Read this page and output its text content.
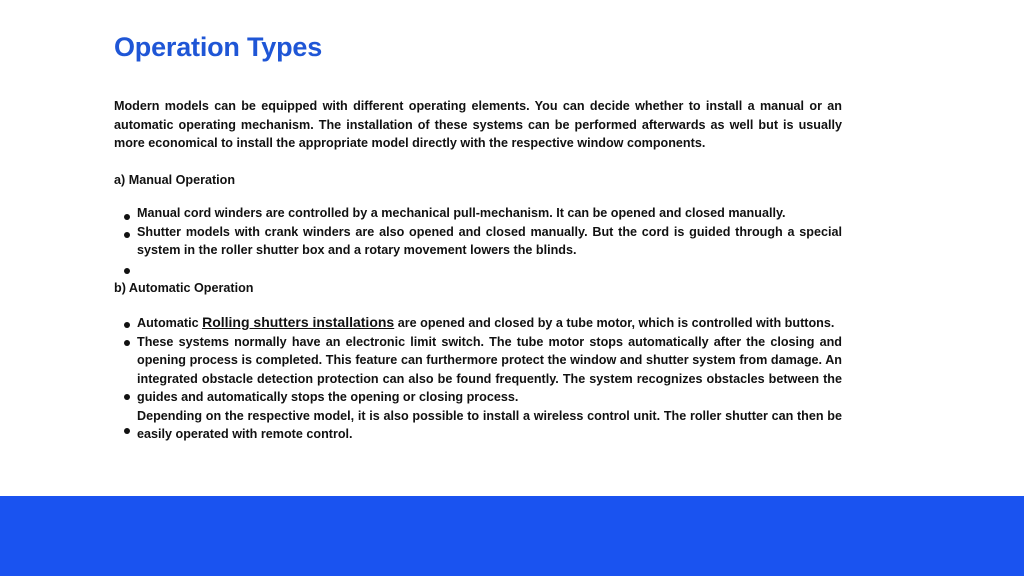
Operation Types

Modern models can be equipped with different operating elements. You can decide whether to install a manual or an automatic operating mechanism. The installation of these systems can be performed afterwards as well but is usually more economical to install the appropriate model directly with the respective window components.

a) Manual Operation

Manual cord winders are controlled by a mechanical pull-mechanism. It can be opened and closed manually.
Shutter models with crank winders are also opened and closed manually. But the cord is guided through a special system in the roller shutter box and a rotary movement lowers the blinds.

b) Automatic Operation

Automatic Rolling shutters installations are opened and closed by a tube motor, which is controlled with buttons.
These systems normally have an electronic limit switch. The tube motor stops automatically after the closing and opening process is completed. This feature can furthermore protect the window and shutter system from damage. An integrated obstacle detection protection can also be found frequently. The system recognizes obstacles between the guides and automatically stops the opening or closing process.
Depending on the respective model, it is also possible to install a wireless control unit. The roller shutter can then be easily operated with remote control.
